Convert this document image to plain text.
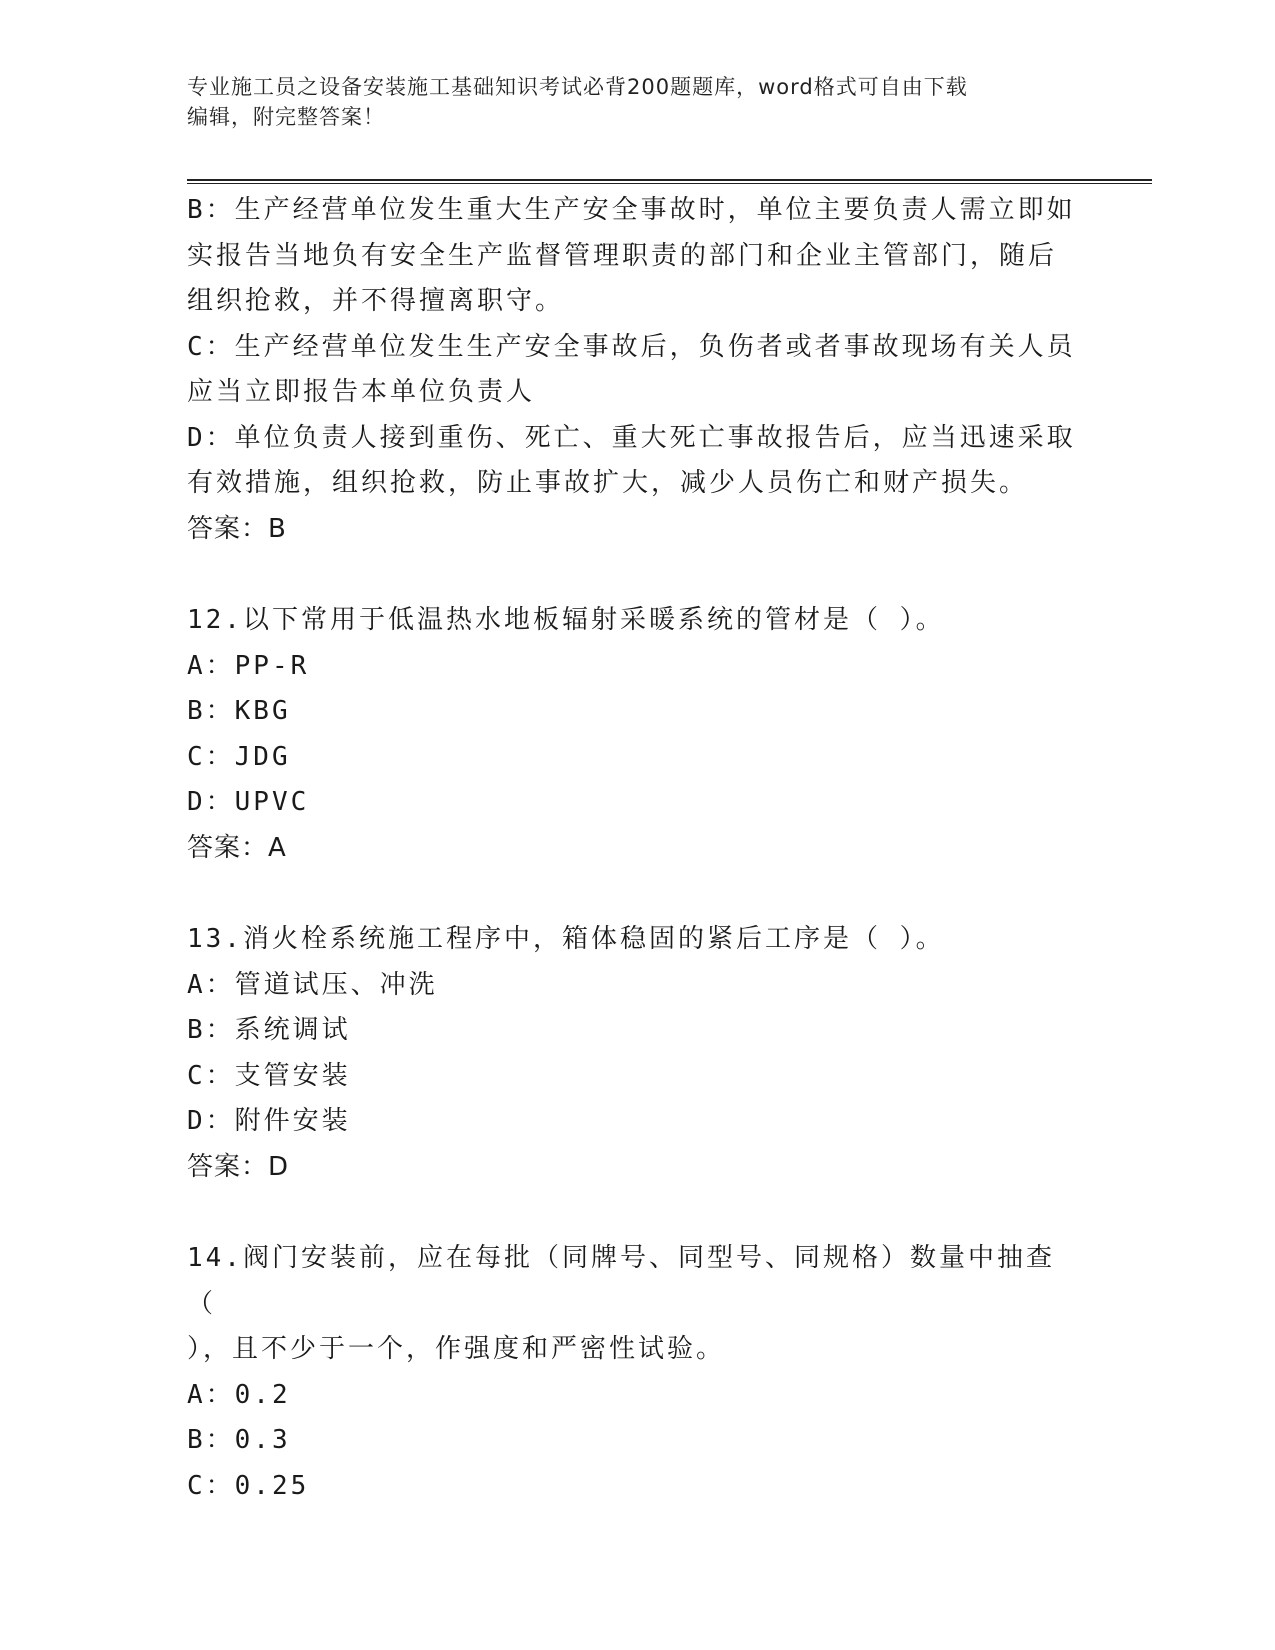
专业施工员之设备安装施工基础知识考试必背200题题库，word格式可自由下载
编辑，附完整答案！
B：生产经营单位发生重大生产安全事故时，单位主要负责人需立即如
实报告当地负有安全生产监督管理职责的部门和企业主管部门，随后
组织抢救，并不得擅离职守。
C：生产经营单位发生生产安全事故后，负伤者或者事故现场有关人员
应当立即报告本单位负责人
D：单位负责人接到重伤、死亡、重大死亡事故报告后，应当迅速采取
有效措施，组织抢救，防止事故扩大，减少人员伤亡和财产损失。
答案：B
12.以下常用于低温热水地板辐射采暖系统的管材是（ ）。
A：PP-R
B：KBG
C：JDG
D：UPVC
答案：A
13.消火栓系统施工程序中，箱体稳固的紧后工序是（ ）。
A：管道试压、冲洗
B：系统调试
C：支管安装
D：附件安装
答案：D
14.阀门安装前，应在每批（同牌号、同型号、同规格）数量中抽查（
），且不少于一个，作强度和严密性试验。
A：0.2
B：0.3
C：0.25
